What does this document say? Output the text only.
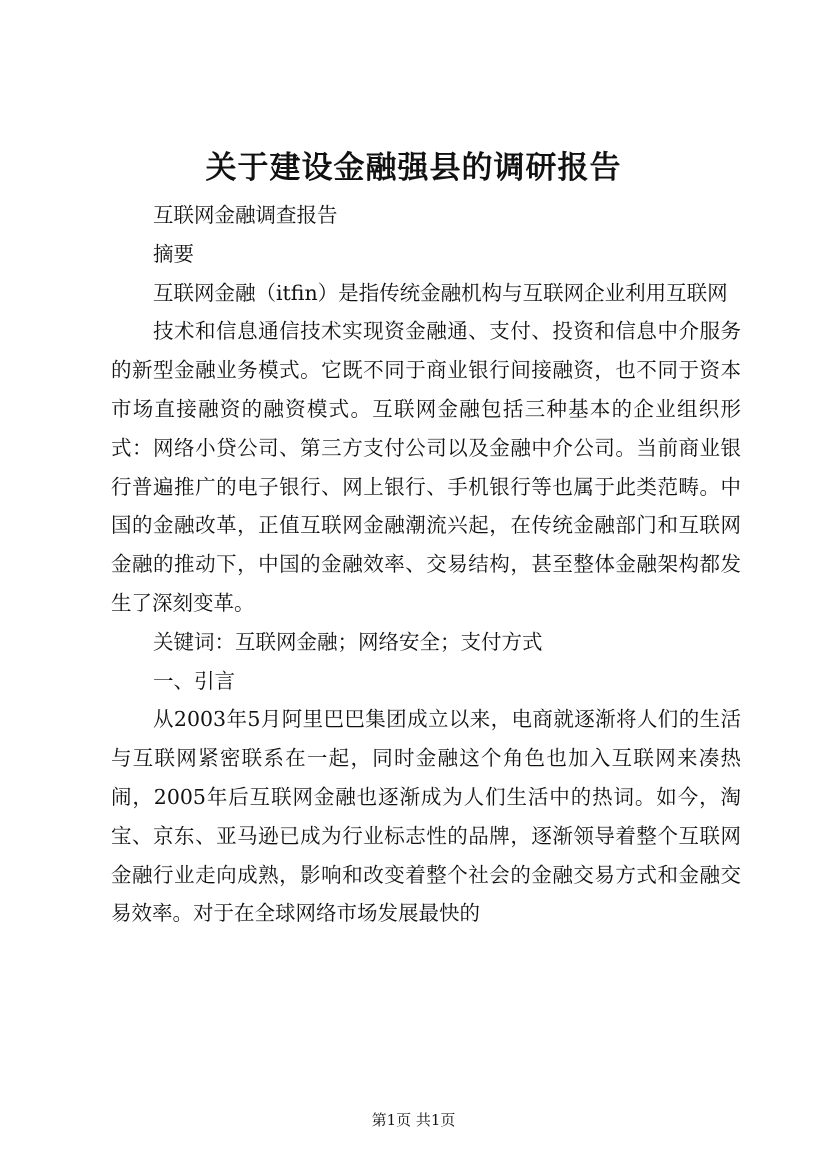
关于建设金融强县的调研报告

互联网金融调查报告

摘要

互联网金融（itfin）是指传统金融机构与互联网企业利用互联网

技术和信息通信技术实现资金融通、支付、投资和信息中介服务的新型金融业务模式。它既不同于商业银行间接融资，也不同于资本市场直接融资的融资模式。互联网金融包括三种基本的企业组织形式：网络小贷公司、第三方支付公司以及金融中介公司。当前商业银行普遍推广的电子银行、网上银行、手机银行等也属于此类范畴。中国的金融改革，正值互联网金融潮流兴起，在传统金融部门和互联网金融的推动下，中国的金融效率、交易结构，甚至整体金融架构都发生了深刻变革。

关键词：互联网金融；网络安全；支付方式

一、引言

从2003年5月阿里巴巴集团成立以来，电商就逐渐将人们的生活与互联网紧密联系在一起，同时金融这个角色也加入互联网来凑热闹，2005年后互联网金融也逐渐成为人们生活中的热词。如今，淘宝、京东、亚马逊已成为行业标志性的品牌，逐渐领导着整个互联网金融行业走向成熟，影响和改变着整个社会的金融交易方式和金融交易效率。对于在全球网络市场发展最快的

第1页 共1页
